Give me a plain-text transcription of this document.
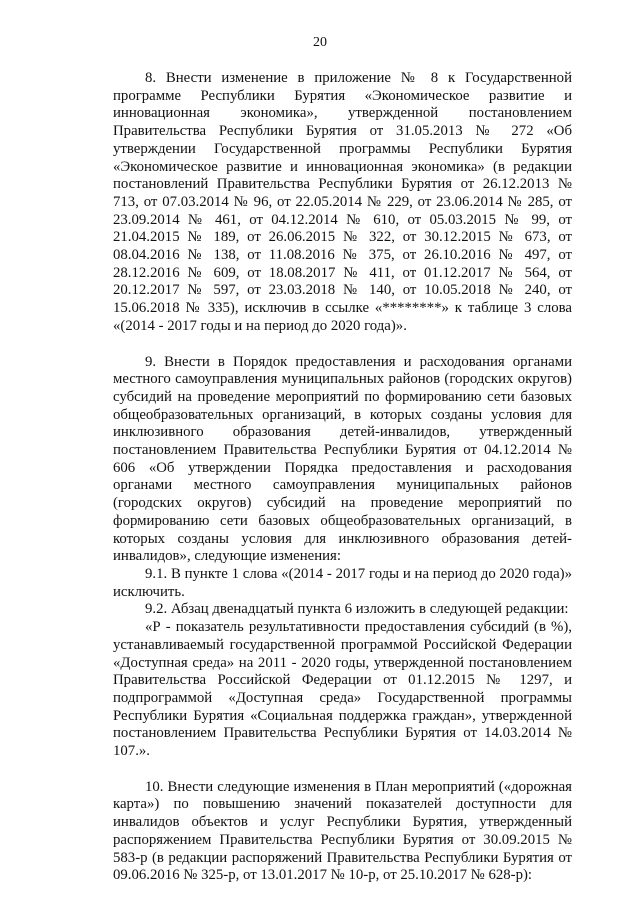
20

8. Внести изменение в приложение № 8 к Государственной программе Республики Бурятия «Экономическое развитие и инновационная экономика», утвержденной постановлением Правительства Республики Бурятия от 31.05.2013 № 272 «Об утверждении Государственной программы Республики Бурятия «Экономическое развитие и инновационная экономика» (в редакции постановлений Правительства Республики Бурятия от 26.12.2013 № 713, от 07.03.2014 № 96, от 22.05.2014 № 229, от 23.06.2014 № 285, от 23.09.2014 № 461, от 04.12.2014 № 610, от 05.03.2015 № 99, от 21.04.2015 № 189, от 26.06.2015 № 322, от 30.12.2015 № 673, от 08.04.2016 № 138, от 11.08.2016 № 375, от 26.10.2016 № 497, от 28.12.2016 № 609, от 18.08.2017 № 411, от 01.12.2017 № 564, от 20.12.2017 № 597, от 23.03.2018 № 140, от 10.05.2018 № 240, от 15.06.2018 № 335), исключив в ссылке «********» к таблице 3 слова «(2014 - 2017 годы и на период до 2020 года)».

9. Внести в Порядок предоставления и расходования органами местного самоуправления муниципальных районов (городских округов) субсидий на проведение мероприятий по формированию сети базовых общеобразовательных организаций, в которых созданы условия для инклюзивного образования детей-инвалидов, утвержденный постановлением Правительства Республики Бурятия от 04.12.2014 № 606 «Об утверждении Порядка предоставления и расходования органами местного самоуправления муниципальных районов (городских округов) субсидий на проведение мероприятий по формированию сети базовых общеобразовательных организаций, в которых созданы условия для инклюзивного образования детей-инвалидов», следующие изменения:

9.1. В пункте 1 слова «(2014 - 2017 годы и на период до 2020 года)» исключить.

9.2. Абзац двенадцатый пункта 6 изложить в следующей редакции:

«Р - показатель результативности предоставления субсидий (в %), устанавливаемый государственной программой Российской Федерации «Доступная среда» на 2011 - 2020 годы, утвержденной постановлением Правительства Российской Федерации от 01.12.2015 № 1297, и подпрограммой «Доступная среда» Государственной программы Республики Бурятия «Социальная поддержка граждан», утвержденной постановлением Правительства Республики Бурятия от 14.03.2014 № 107.».

10. Внести следующие изменения в План мероприятий («дорожная карта») по повышению значений показателей доступности для инвалидов объектов и услуг Республики Бурятия, утвержденный распоряжением Правительства Республики Бурятия от 30.09.2015 № 583-р (в редакции распоряжений Правительства Республики Бурятия от 09.06.2016 № 325-р, от 13.01.2017 № 10-р, от 25.10.2017 № 628-р):
